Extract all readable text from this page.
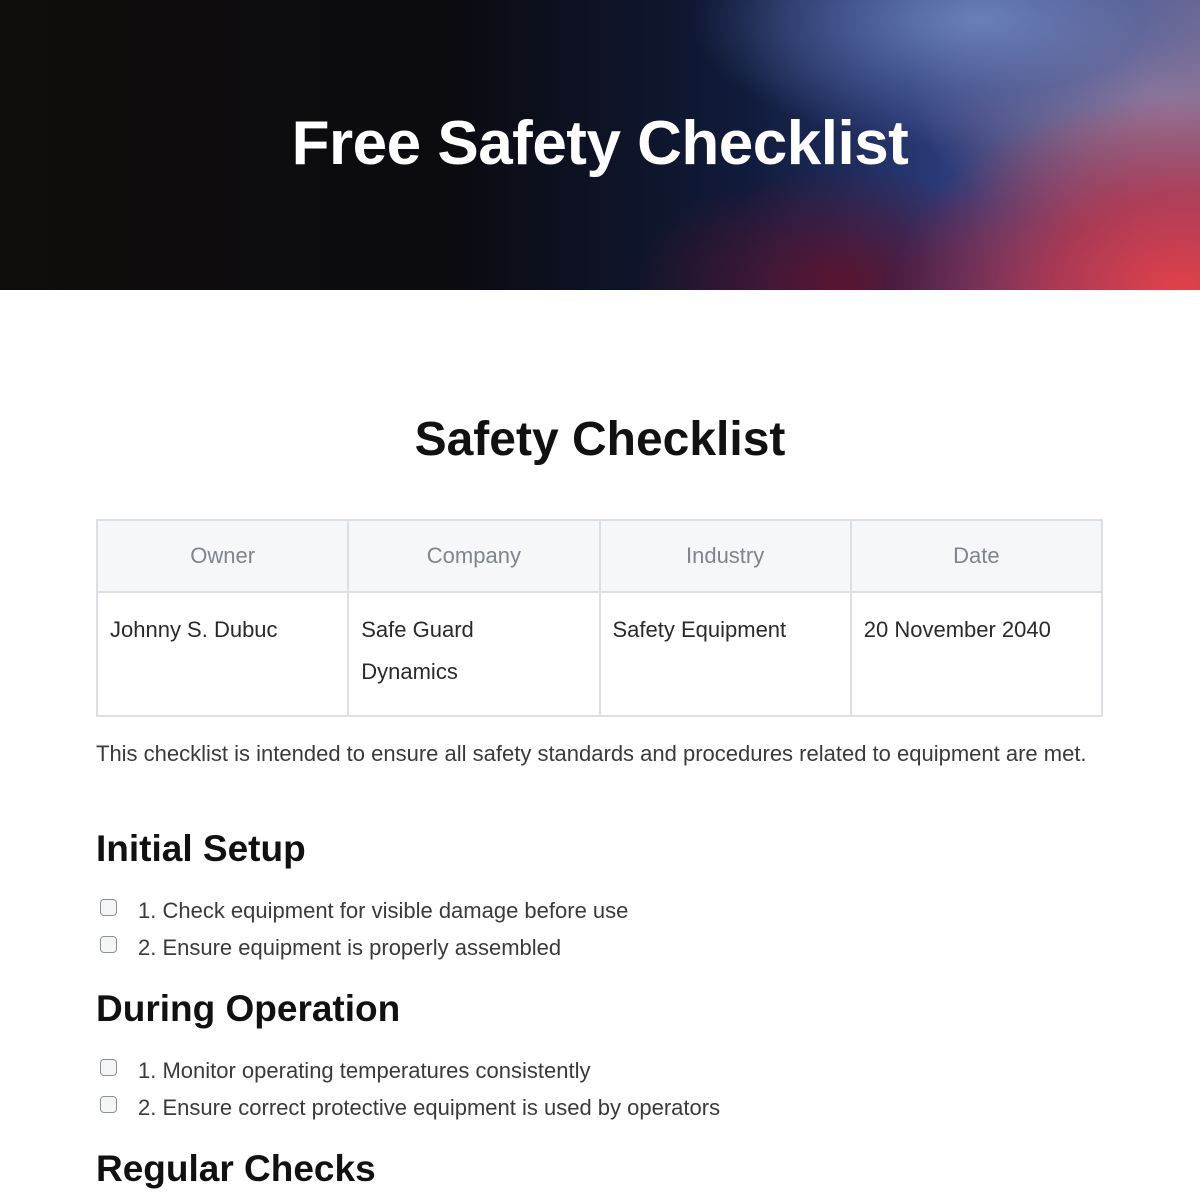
Free Safety Checklist
Safety Checklist
Owner	Company	Industry	Date
Johnny S. Dubuc	Safe Guard Dynamics	Safety Equipment	20 November 2040

This checklist is intended to ensure all safety standards and procedures related to equipment are met.

Initial Setup
1. Check equipment for visible damage before use
2. Ensure equipment is properly assembled
During Operation
1. Monitor operating temperatures consistently
2. Ensure correct protective equipment is used by operators
Regular Checks
